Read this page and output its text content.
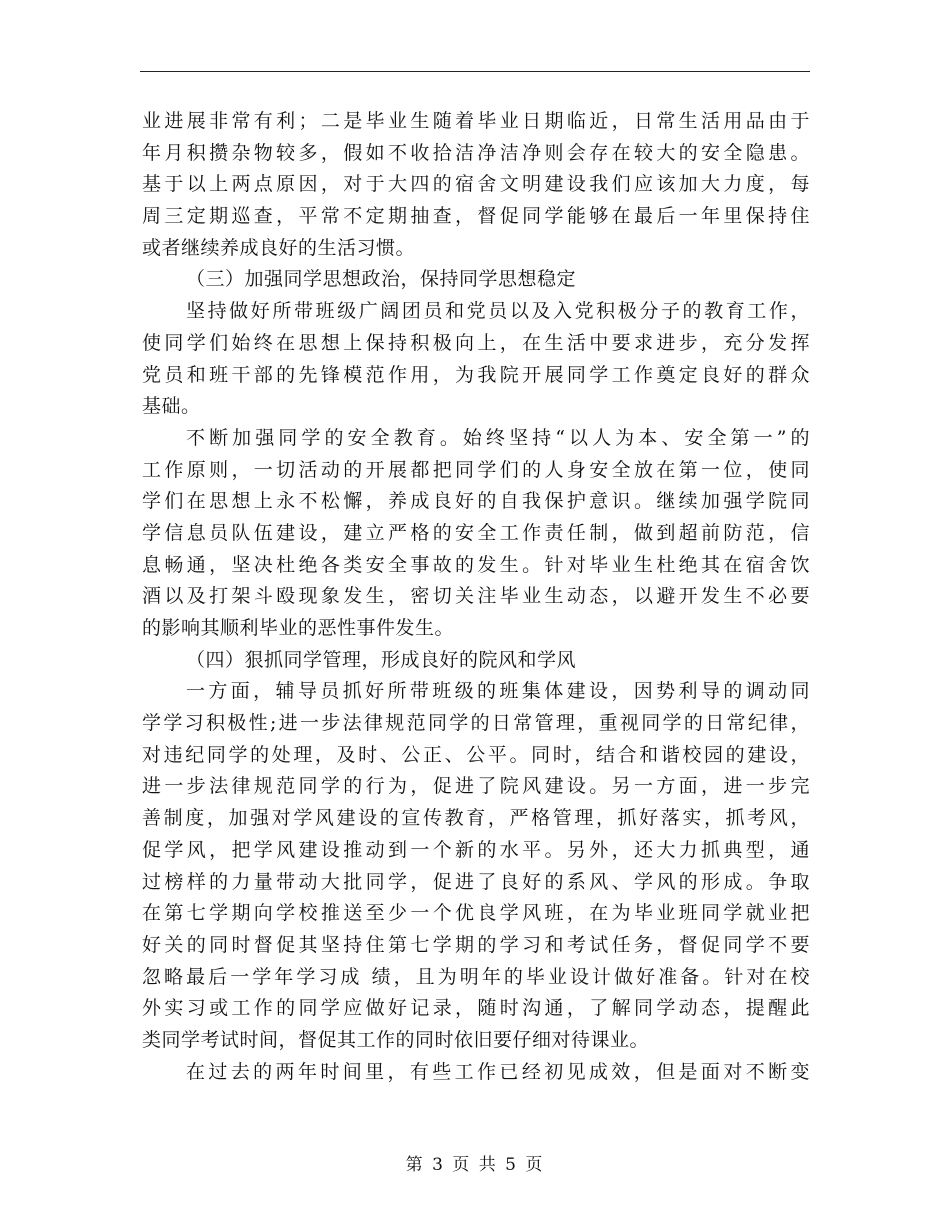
业进展非常有利；二是毕业生随着毕业日期临近，日常生活用品由于
年月积攒杂物较多，假如不收拾洁净洁净则会存在较大的安全隐患。
基于以上两点原因，对于大四的宿舍文明建设我们应该加大力度，每
周三定期巡查，平常不定期抽查，督促同学能够在最后一年里保持住
或者继续养成良好的生活习惯。
（三）加强同学思想政治，保持同学思想稳定
坚持做好所带班级广阔团员和党员以及入党积极分子的教育工作，
使同学们始终在思想上保持积极向上，在生活中要求进步，充分发挥
党员和班干部的先锋模范作用，为我院开展同学工作奠定良好的群众
基础。
不断加强同学的安全教育。始终坚持“以人为本、安全第一”的
工作原则，一切活动的开展都把同学们的人身安全放在第一位，使同
学们在思想上永不松懈，养成良好的自我保护意识。继续加强学院同
学信息员队伍建设，建立严格的安全工作责任制，做到超前防范，信
息畅通，坚决杜绝各类安全事故的发生。针对毕业生杜绝其在宿舍饮
酒以及打架斗殴现象发生，密切关注毕业生动态，以避开发生不必要
的影响其顺利毕业的恶性事件发生。
（四）狠抓同学管理，形成良好的院风和学风
一方面，辅导员抓好所带班级的班集体建设，因势利导的调动同
学学习积极性;进一步法律规范同学的日常管理，重视同学的日常纪律，
对违纪同学的处理，及时、公正、公平。同时，结合和谐校园的建设，
进一步法律规范同学的行为，促进了院风建设。另一方面，进一步完
善制度，加强对学风建设的宣传教育，严格管理，抓好落实，抓考风，
促学风，把学风建设推动到一个新的水平。另外，还大力抓典型，通
过榜样的力量带动大批同学，促进了良好的系风、学风的形成。争取
在第七学期向学校推送至少一个优良学风班，在为毕业班同学就业把
好关的同时督促其坚持住第七学期的学习和考试任务，督促同学不要
忽略最后一学年学习成 绩，且为明年的毕业设计做好准备。针对在校
外实习或工作的同学应做好记录，随时沟通，了解同学动态，提醒此
类同学考试时间，督促其工作的同时依旧要仔细对待课业。
在过去的两年时间里，有些工作已经初见成效，但是面对不断变
第 3 页 共 5 页
